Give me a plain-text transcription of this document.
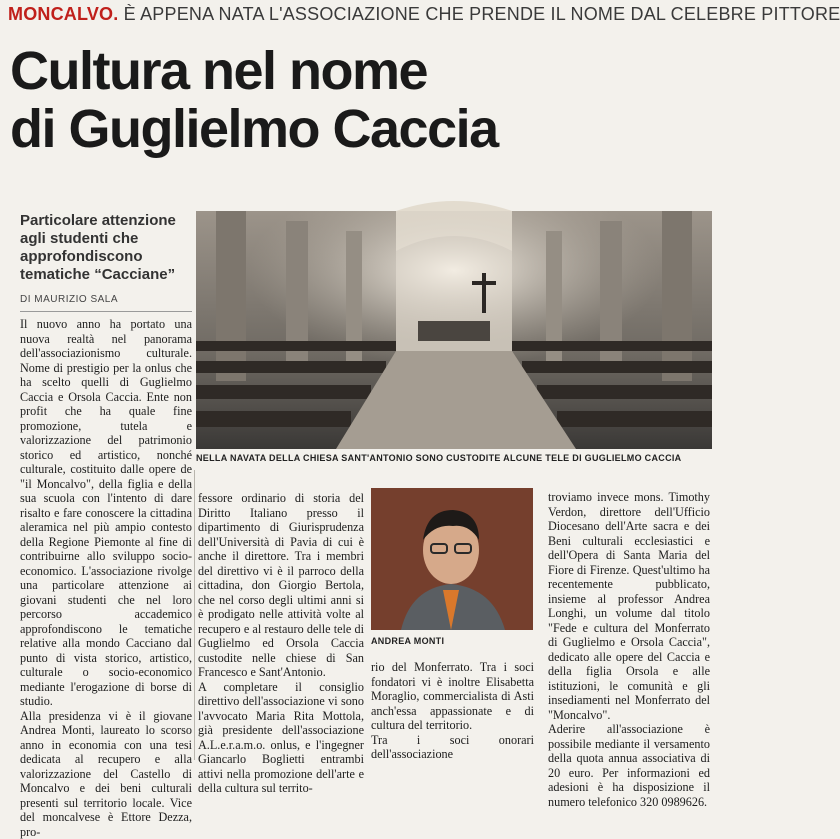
MONCALVO. È APPENA NATA L'ASSOCIAZIONE CHE PRENDE IL NOME DAL CELEBRE PITTORE
Cultura nel nome
di Guglielmo Caccia
Particolare attenzione agli studenti che approfondiscono tematiche “Cacciane”
DI MAURIZIO SALA
NELLA NAVATA DELLA CHIESA SANT'ANTONIO SONO CUSTODITE ALCUNE TELE DI GUGLIELMO CACCIA
ANDREA MONTI
Il nuovo anno ha portato una nuova realtà nel panorama dell'associazionismo culturale. Nome di prestigio per la onlus che ha scelto quelli di Guglielmo Caccia e Orsola Caccia. Ente non profit che ha quale fine promozione, tutela e valorizzazione del patrimonio storico ed artistico, nonché culturale, costituito dalle opere de "il Moncalvo", della figlia e della sua scuola con l'intento di dare risalto e fare conoscere la cittadina aleramica nel più ampio contesto della Regione Piemonte al fine di contribuirne allo sviluppo socio-economico. L'associazione rivolge una particolare attenzione ai giovani studenti che nel loro percorso accademico approfondiscono le tematiche relative alla mondo Cacciano dal punto di vista storico, artistico, culturale o socio-economico mediante l'erogazione di borse di studio.
Alla presidenza vi è il giovane Andrea Monti, laureato lo scorso anno in economia con una tesi dedicata al recupero e alla valorizzazione del Castello di Moncalvo e dei beni culturali presenti sul territorio locale. Vice del moncalvese è Ettore Dezza, pro-
fessore ordinario di storia del Diritto Italiano presso il dipartimento di Giurisprudenza dell'Università di Pavia di cui è anche il direttore. Tra i membri del direttivo vi è il parroco della cittadina, don Giorgio Bertola, che nel corso degli ultimi anni si è prodigato nelle attività volte al recupero e al restauro delle tele di Guglielmo ed Orsola Caccia custodite nelle chiese di San Francesco e Sant'Antonio.
A completare il consiglio direttivo dell'associazione vi sono l'avvocato Maria Rita Mottola, già presidente dell'associazione A.L.e.r.a.m.o. onlus, e l'ingegner Giancarlo Boglietti entrambi attivi nella promozione dell'arte e della cultura sul territo-
rio del Monferrato. Tra i soci fondatori vi è inoltre Elisabetta Moraglio, commercialista di Asti anch'essa appassionate e di cultura del territorio.
Tra i soci onorari dell'associazione
troviamo invece mons. Timothy Verdon, direttore dell'Ufficio Diocesano dell'Arte sacra e dei Beni culturali ecclesiastici e dell'Opera di Santa Maria del Fiore di Firenze. Quest'ultimo ha recentemente pubblicato, insieme al professor Andrea Longhi, un volume dal titolo "Fede e cultura del Monferrato di Guglielmo e Orsola Caccia", dedicato alle opere del Caccia e della figlia Orsola e alle istituzioni, le comunità e gli insediamenti nel Monferrato del "Moncalvo".
Aderire all'associazione è possibile mediante il versamento della quota annua associativa di 20 euro. Per informazioni ed adesioni è ha disposizione il numero telefonico 320 0989626.
